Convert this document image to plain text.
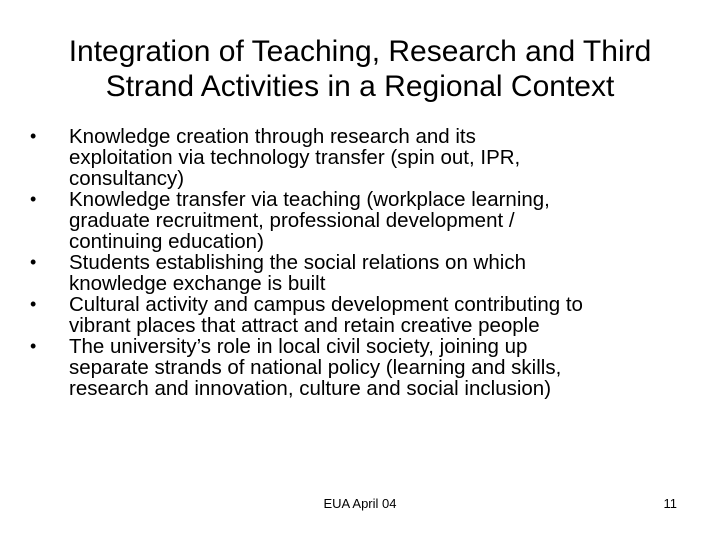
Integration of Teaching, Research and Third
Strand Activities in a Regional Context
•	Knowledge creation through research and its
exploitation via technology transfer (spin out, IPR,
consultancy)
•	Knowledge transfer via teaching (workplace learning,
graduate recruitment, professional development /
continuing education)
•	Students establishing the social relations on which
knowledge exchange is built
•	Cultural activity and campus development contributing to
vibrant places that attract and retain creative people
•	The university’s role in local civil society, joining up
separate strands of national policy (learning and skills,
research and innovation, culture and social inclusion)
EUA April 04	11
